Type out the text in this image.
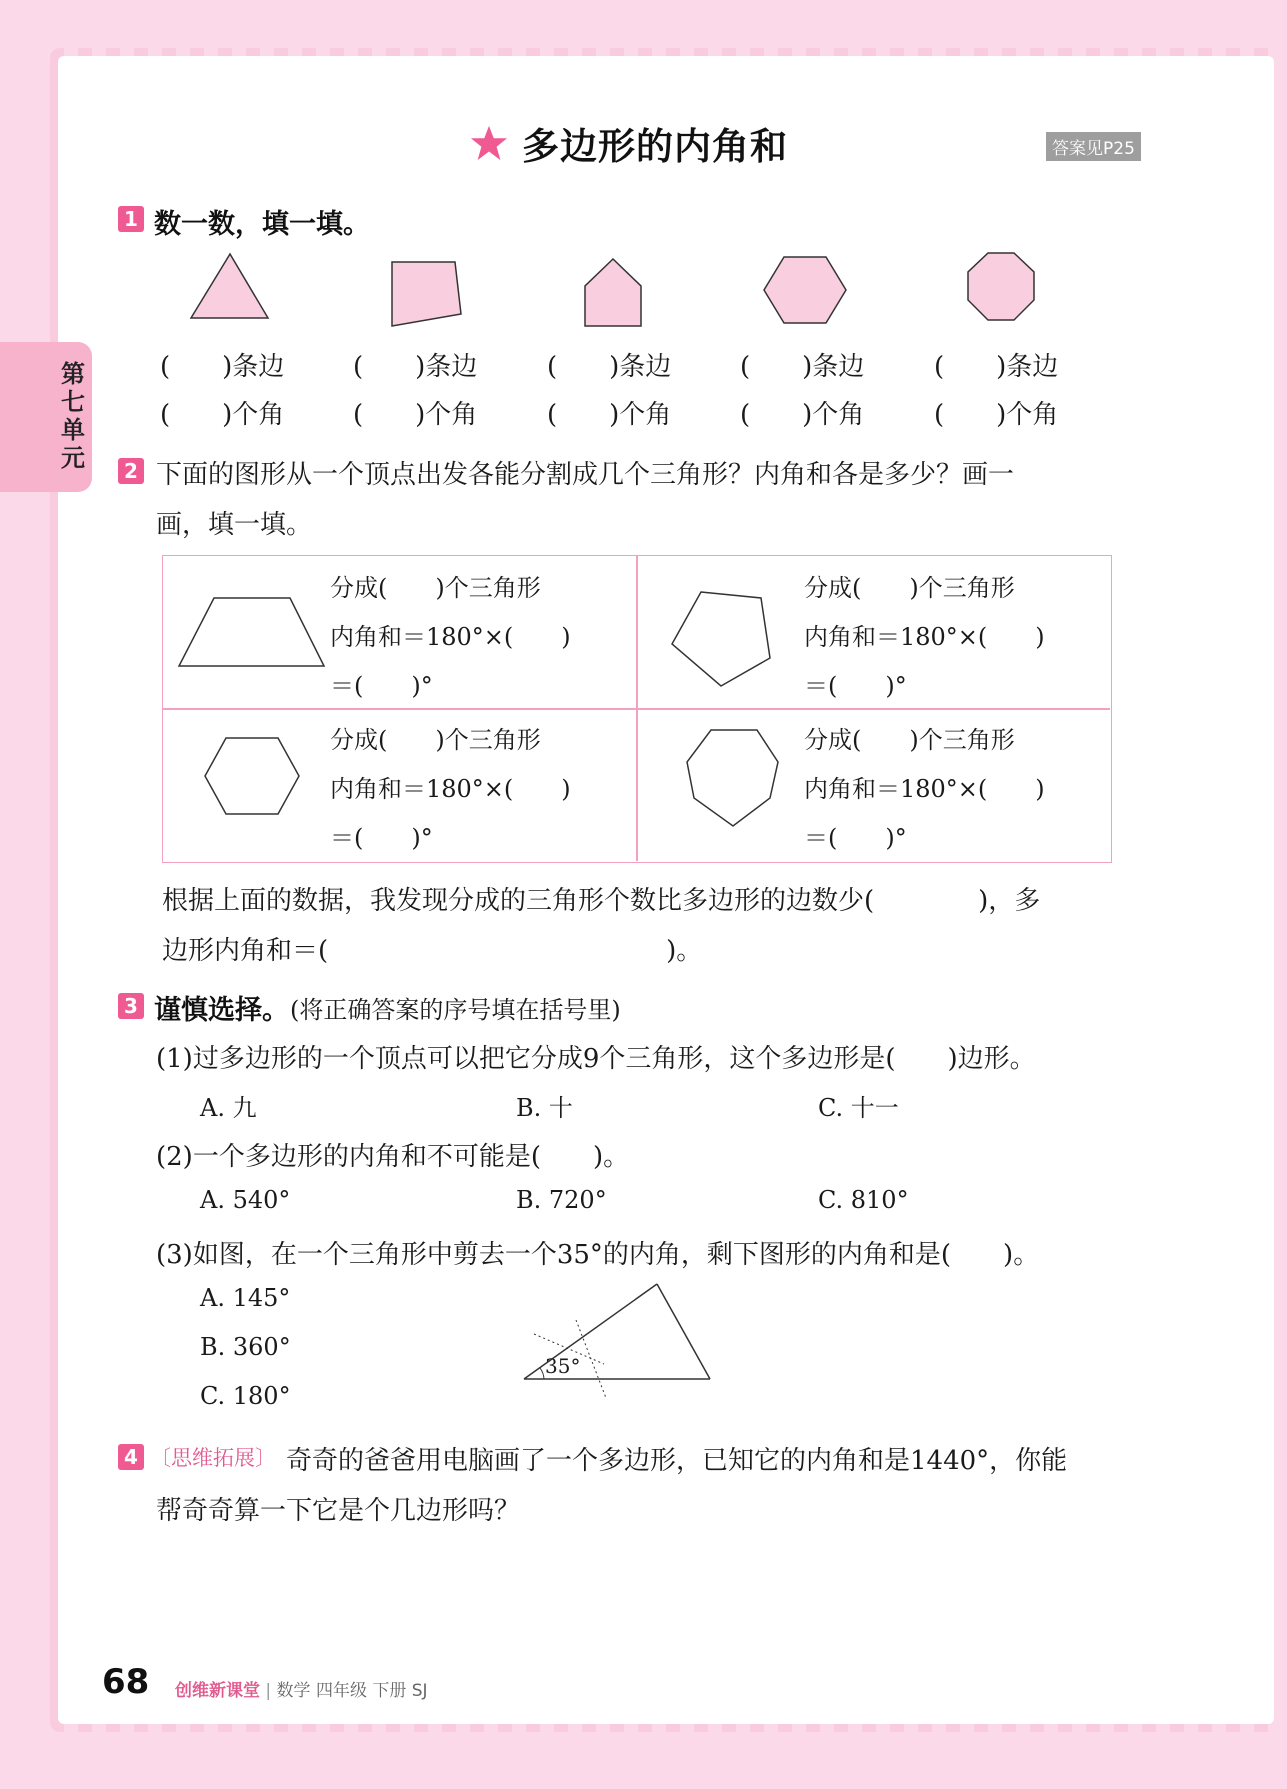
第七单元
多边形的内角和	答案见P25
1 数一数，填一填。
(　　)条边	(　　)条边	(　　)条边	(　　)条边	(　　)条边
(　　)个角	(　　)个角	(　　)个角	(　　)个角	(　　)个角
2 下面的图形从一个顶点出发各能分割成几个三角形？内角和各是多少？画一
画，填一填。
分成(　　)个三角形
内角和＝180°×(　　)
＝(　　)°
分成(　　)个三角形
内角和＝180°×(　　)
＝(　　)°
分成(　　)个三角形
内角和＝180°×(　　)
＝(　　)°
分成(　　)个三角形
内角和＝180°×(　　)
＝(　　)°
根据上面的数据，我发现分成的三角形个数比多边形的边数少(　　　　)，多
边形内角和＝(　　　　　　　　　　　　　)。
3 谨慎选择。 (将正确答案的序号填在括号里)
(1)过多边形的一个顶点可以把它分成9个三角形，这个多边形是(　　)边形。
A. 九	B. 十	C. 十一
(2)一个多边形的内角和不可能是(　　)。
A. 540°	B. 720°	C. 810°
(3)如图，在一个三角形中剪去一个35°的内角，剩下图形的内角和是(　　)。
A. 145°
B. 360°
C. 180°
35°
4 〔思维拓展〕 奇奇的爸爸用电脑画了一个多边形，已知它的内角和是1440°，你能
帮奇奇算一下它是个几边形吗？
68 创维新课堂 | 数学 四年级 下册 SJ
